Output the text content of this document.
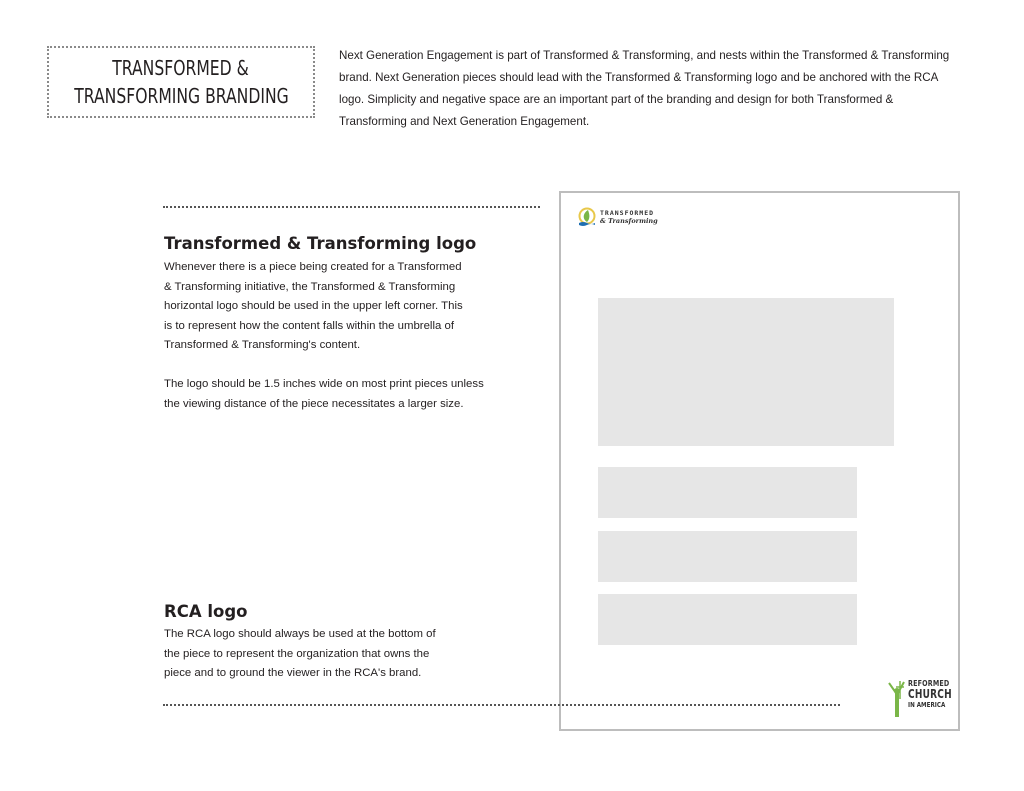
TRANSFORMED &
TRANSFORMING BRANDING
Next Generation Engagement is part of Transformed & Transforming, and nests within the Transformed & Transforming brand. Next Generation pieces should lead with the Transformed & Transforming logo and be anchored with the RCA logo. Simplicity and negative space are an important part of the branding and design for both Transformed & Transforming and Next Generation Engagement.
Transformed & Transforming logo
Whenever there is a piece being created for a Transformed
& Transforming initiative, the Transformed & Transforming
horizontal logo should be used in the upper left corner. This
is to represent how the content falls within the umbrella of
Transformed & Transforming's content.

The logo should be 1.5 inches wide on most print pieces unless
the viewing distance of the piece necessitates a larger size.
RCA logo
The RCA logo should always be used at the bottom of
the piece to represent the organization that owns the
piece and to ground the viewer in the RCA's brand.
TRANSFORMED
& Transforming
REFORMED
CHURCH
IN AMERICA
